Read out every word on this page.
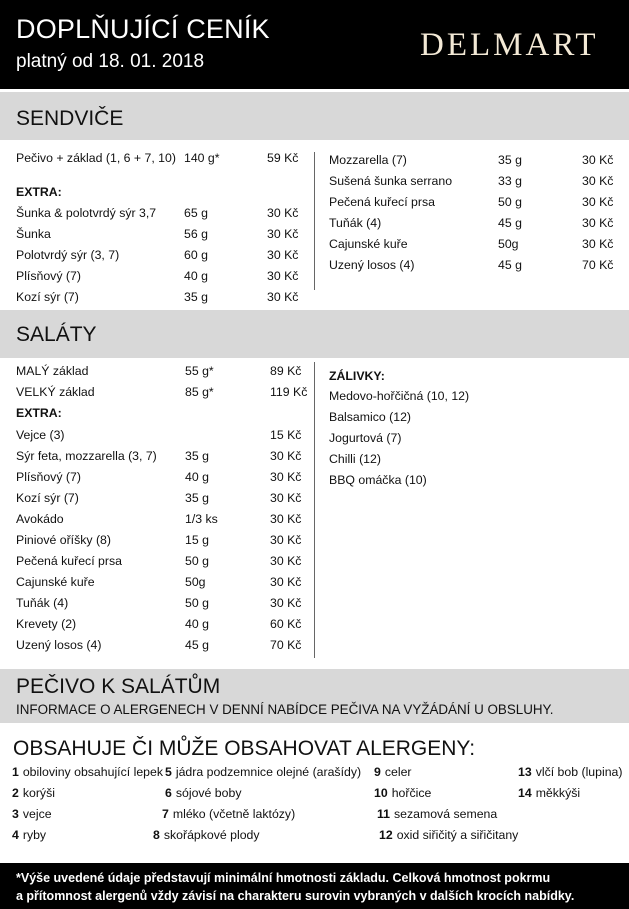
DOPLŇUJÍCÍ CENÍK
platný od 18. 01. 2018	DELMART
SENDVIČE
Pečivo + základ (1, 6 + 7, 10) 140 g*	59 Kč
EXTRA:
Šunka & polotvrdý sýr 3,7 65 g	30 Kč
Šunka	56 g	30 Kč
Polotvrdý sýr (3, 7)	60 g	30 Kč
Plísňový (7)	40 g	30 Kč
Kozí sýr (7)	35 g	30 Kč
Mozzarella (7)	35 g	30 Kč
Sušená šunka serrano	33 g	30 Kč
Pečená kuřecí prsa	50 g	30 Kč
Tuňák (4)	45 g	30 Kč
Cajunské kuře	50g	30 Kč
Uzený losos (4)	45 g	70 Kč
SALÁTY
MALÝ základ	55 g*	89 Kč
VELKÝ základ	85 g*	119 Kč
EXTRA:
Vejce (3)	15 Kč
Sýr feta, mozzarella (3, 7) 35 g	30 Kč
Plísňový (7)	40 g	30 Kč
Kozí sýr (7)	35 g	30 Kč
Avokádo	1/3 ks	30 Kč
Piniové oříšky (8)	15 g	30 Kč
Pečená kuřecí prsa	50 g	30 Kč
Cajunské kuře	50g	30 Kč
Tuňák (4)	50 g	30 Kč
Krevety (2)	40 g	60 Kč
Uzený losos (4)	45 g	70 Kč
ZÁLIVKY:
Medovo-hořčičná (10, 12)
Balsamico (12)
Jogurtová (7)
Chilli (12)
BBQ omáčka (10)
PEČIVO K SALÁTŮM
INFORMACE O ALERGENECH V DENNÍ NABÍDCE PEČIVA NA VYŽÁDÁNÍ U OBSLUHY.
OBSAHUJE ČI MŮŽE OBSAHOVAT ALERGENY:
1 obiloviny obsahující lepek
2 korýši
3 vejce
4 ryby
5 jádra podzemnice olejné (arašídy)
6 sójové boby
7 mléko (včetně laktózy)
8 skořápkové plody
9 celer
10 hořčice
11 sezamová semena
12 oxid siřičitý a siřičitany
13 vlčí bob (lupina)
14 měkkýši
*Výše uvedené údaje představují minimální hmotnosti základu. Celková hmotnost pokrmu
a přítomnost alergenů vždy závisí na charakteru surovin vybraných v dalších krocích nabídky.
